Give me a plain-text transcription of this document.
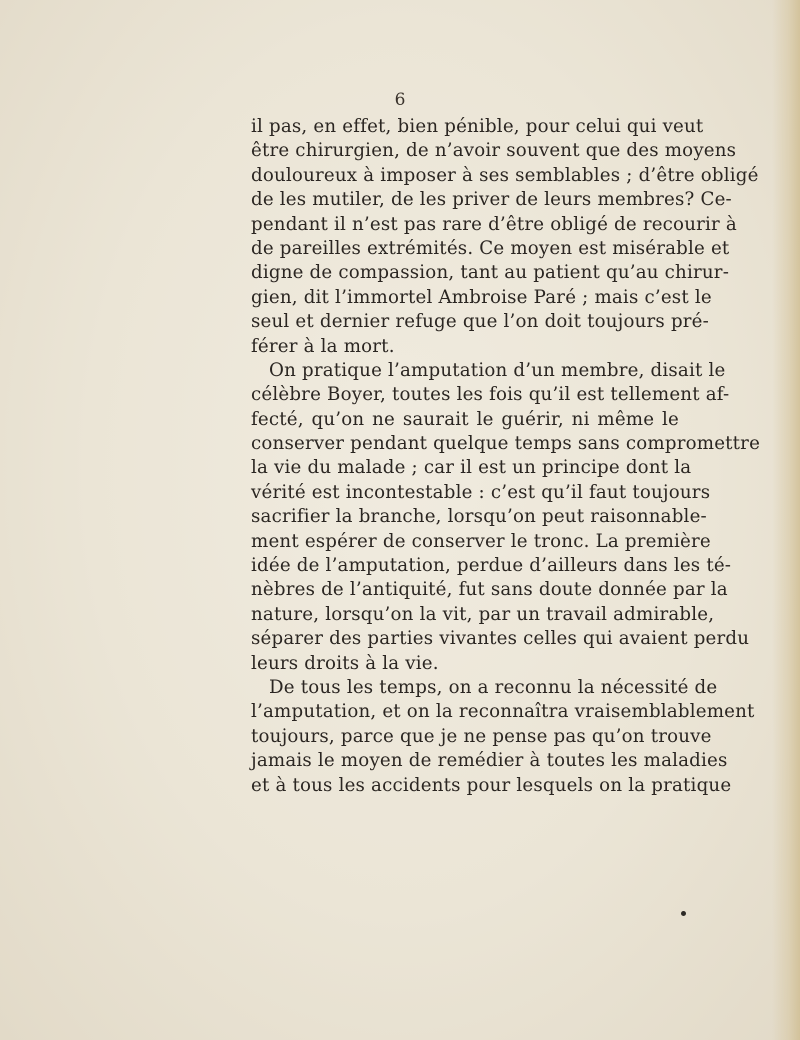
6
il pas, en effet, bien pénible, pour celui qui veut
être chirurgien, de n’avoir souvent que des moyens
douloureux à imposer à ses semblables ; d’être obligé
de les mutiler, de les priver de leurs membres? Ce-
pendant il n’est pas rare d’être obligé de recourir à
de pareilles extrémités. Ce moyen est misérable et
digne de compassion, tant au patient qu’au chirur-
gien, dit l’immortel Ambroise Paré ; mais c’est le
seul et dernier refuge que l’on doit toujours pré-
férer à la mort.
On pratique l’amputation d’un membre, disait le
célèbre Boyer, toutes les fois qu’il est tellement af-
fecté, qu’on ne saurait le guérir, ni même le
conserver pendant quelque temps sans compromettre
la vie du malade ; car il est un principe dont la
vérité est incontestable : c’est qu’il faut toujours
sacrifier la branche, lorsqu’on peut raisonnable-
ment espérer de conserver le tronc. La première
idée de l’amputation, perdue d’ailleurs dans les té-
nèbres de l’antiquité, fut sans doute donnée par la
nature, lorsqu’on la vit, par un travail admirable,
séparer des parties vivantes celles qui avaient perdu
leurs droits à la vie.
De tous les temps, on a reconnu la nécessité de
l’amputation, et on la reconnaîtra vraisemblablement
toujours, parce que je ne pense pas qu’on trouve
jamais le moyen de remédier à toutes les maladies
et à tous les accidents pour lesquels on la pratique
